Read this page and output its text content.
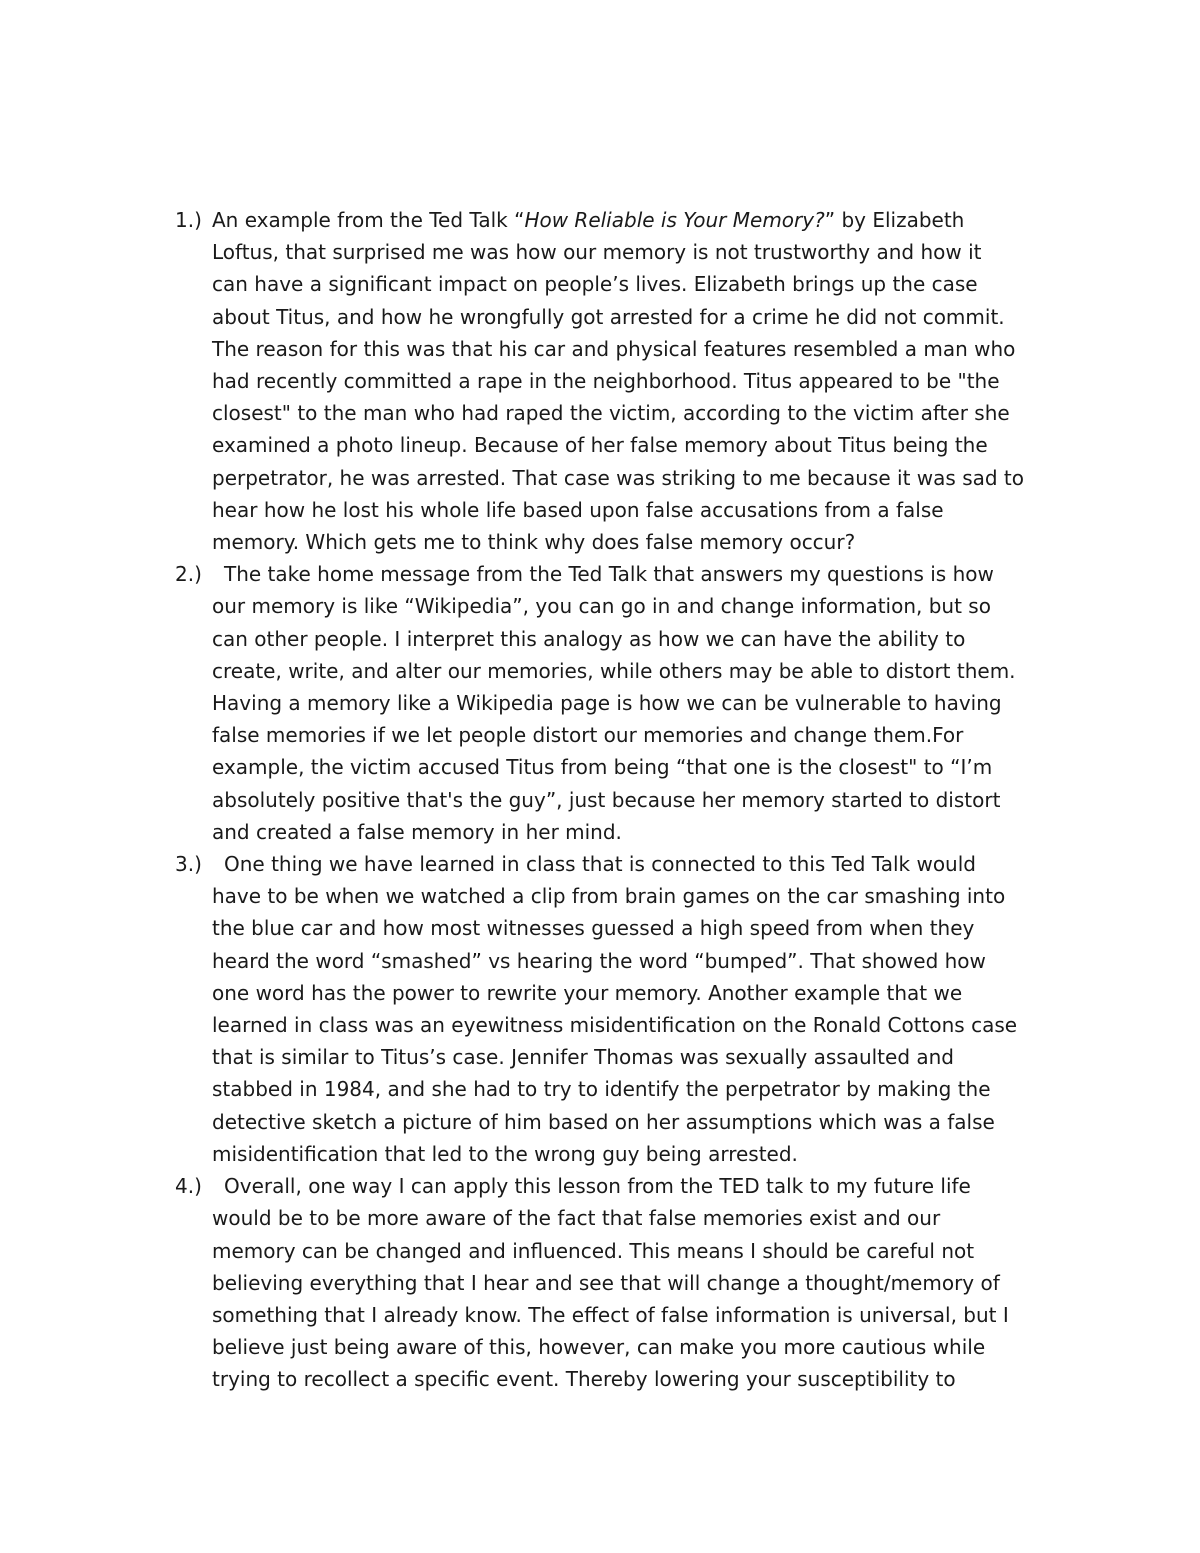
1.) An example from the Ted Talk “How Reliable is Your Memory?” by Elizabeth
Loftus, that surprised me was how our memory is not trustworthy and how it
can have a significant impact on people’s lives. Elizabeth brings up the case
about Titus, and how he wrongfully got arrested for a crime he did not commit.
The reason for this was that his car and physical features resembled a man who
had recently committed a rape in the neighborhood. Titus appeared to be "the
closest" to the man who had raped the victim, according to the victim after she
examined a photo lineup. Because of her false memory about Titus being the
perpetrator, he was arrested. That case was striking to me because it was sad to
hear how he lost his whole life based upon false accusations from a false
memory. Which gets me to think why does false memory occur?
2.)	The take home message from the Ted Talk that answers my questions is how
our memory is like “Wikipedia”, you can go in and change information, but so
can other people. I interpret this analogy as how we can have the ability to
create, write, and alter our memories, while others may be able to distort them.
Having a memory like a Wikipedia page is how we can be vulnerable to having
false memories if we let people distort our memories and change them.For
example, the victim accused Titus from being “that one is the closest" to “I’m
absolutely positive that's the guy”, just because her memory started to distort
and created a false memory in her mind.
3.)	One thing we have learned in class that is connected to this Ted Talk would
have to be when we watched a clip from brain games on the car smashing into
the blue car and how most witnesses guessed a high speed from when they
heard the word “smashed” vs hearing the word “bumped”. That showed how
one word has the power to rewrite your memory. Another example that we
learned in class was an eyewitness misidentification on the Ronald Cottons case
that is similar to Titus’s case. Jennifer Thomas was sexually assaulted and
stabbed in 1984, and she had to try to identify the perpetrator by making the
detective sketch a picture of him based on her assumptions which was a false
misidentification that led to the wrong guy being arrested.
4.)	Overall, one way I can apply this lesson from the TED talk to my future life
would be to be more aware of the fact that false memories exist and our
memory can be changed and influenced. This means I should be careful not
believing everything that I hear and see that will change a thought/memory of
something that I already know. The effect of false information is universal, but I
believe just being aware of this, however, can make you more cautious while
trying to recollect a specific event. Thereby lowering your susceptibility to
